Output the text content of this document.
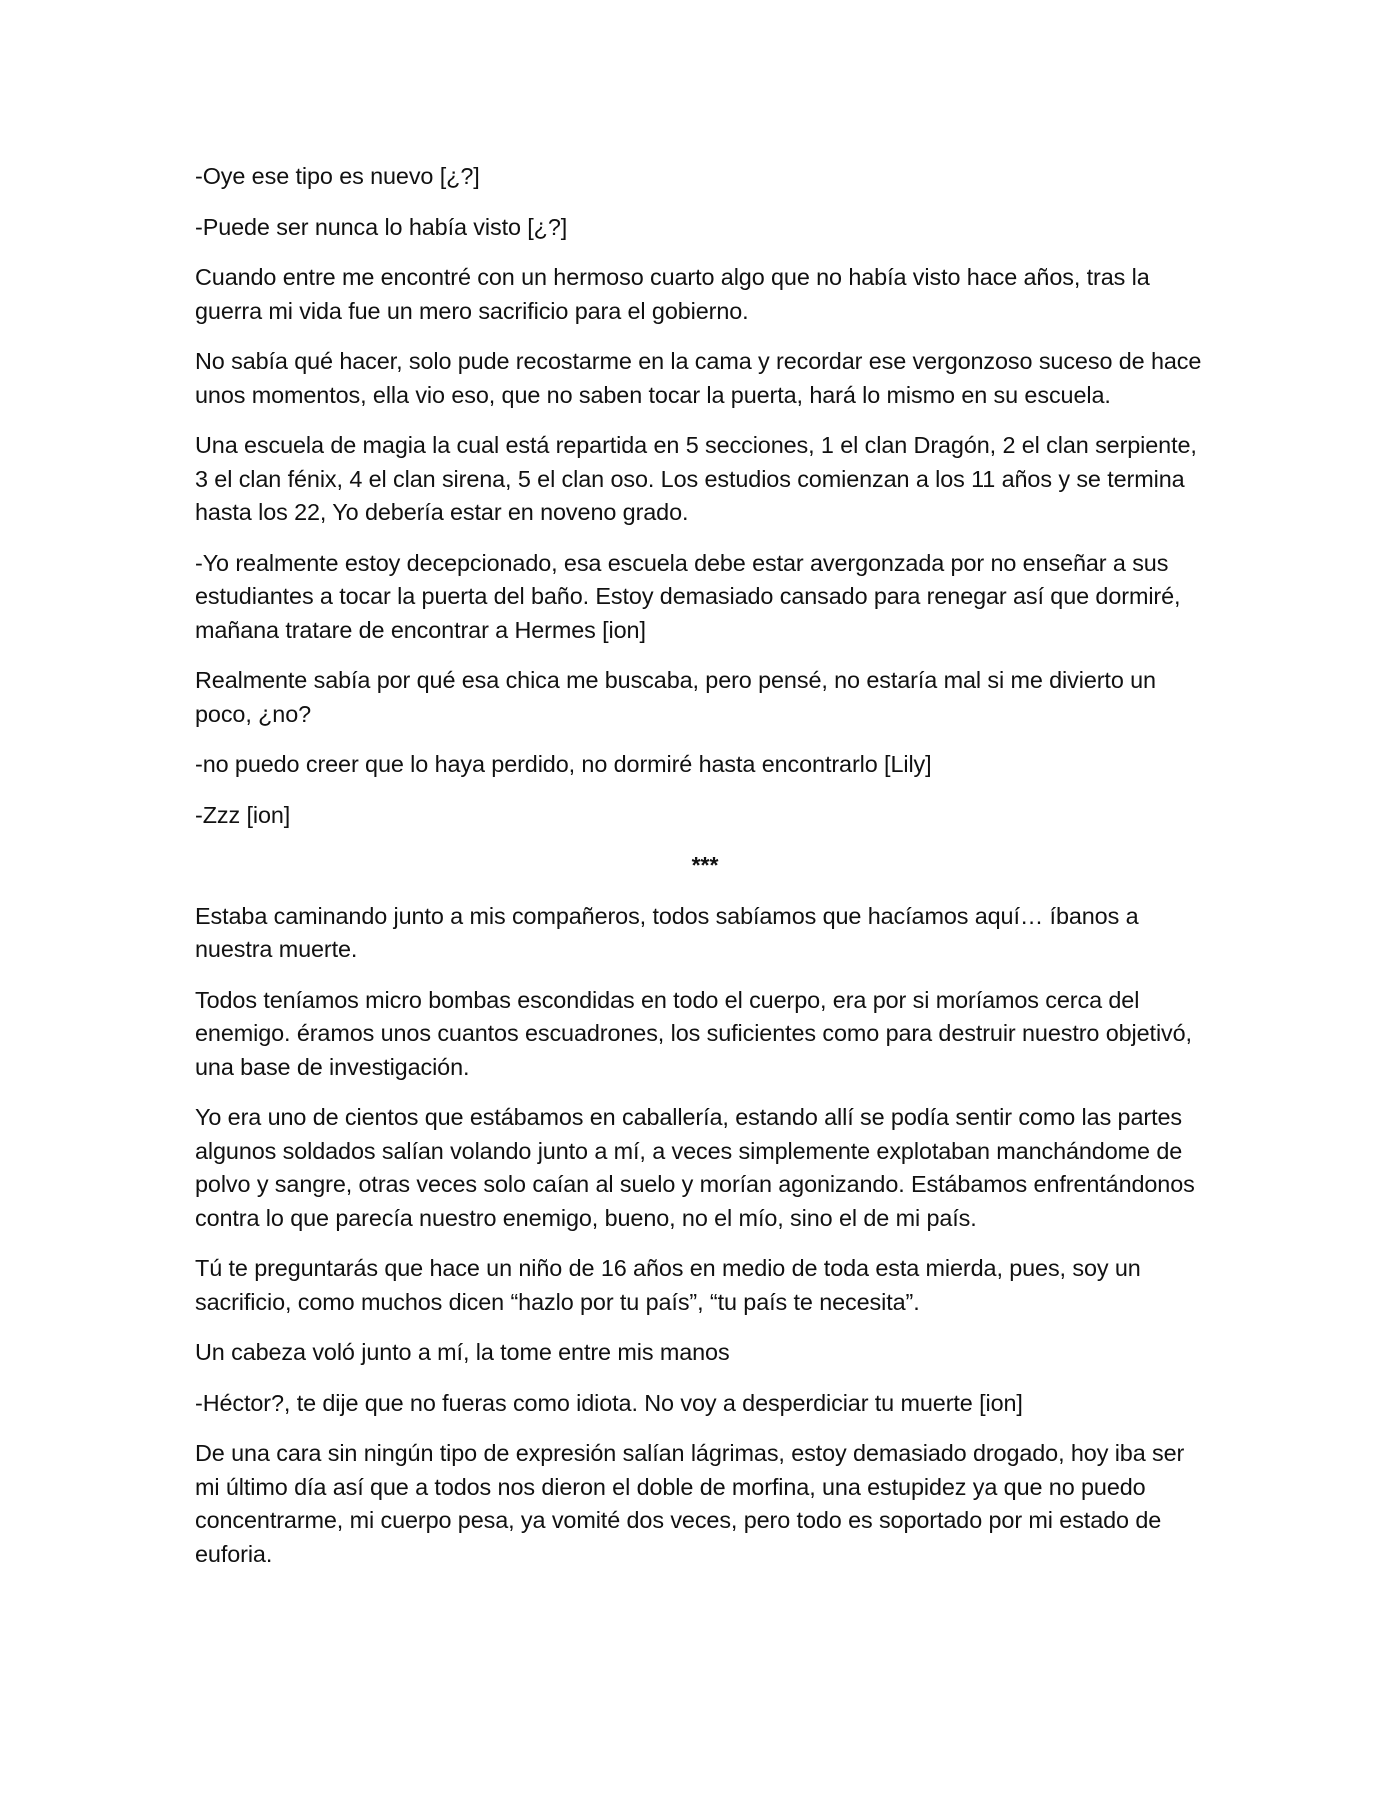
-Oye ese tipo es nuevo [¿?]

-Puede ser nunca lo había visto [¿?]

Cuando entre me encontré con un hermoso cuarto algo que no había visto hace años, tras la guerra mi vida fue un mero sacrificio para el gobierno.

No sabía qué hacer, solo pude recostarme en la cama y recordar ese vergonzoso suceso de hace unos momentos, ella vio eso, que no saben tocar la puerta, hará lo mismo en su escuela.

Una escuela de magia la cual está repartida en 5 secciones, 1 el clan Dragón, 2 el clan serpiente, 3 el clan fénix, 4 el clan sirena, 5 el clan oso. Los estudios comienzan a los 11 años y se termina hasta los 22, Yo debería estar en noveno grado.

-Yo realmente estoy decepcionado, esa escuela debe estar avergonzada por no enseñar a sus estudiantes a tocar la puerta del baño. Estoy demasiado cansado para renegar así que dormiré, mañana tratare de encontrar a Hermes [ion]

Realmente sabía por qué esa chica me buscaba, pero pensé, no estaría mal si me divierto un poco, ¿no?

-no puedo creer que lo haya perdido, no dormiré hasta encontrarlo [Lily]

-Zzz [ion]

***

Estaba caminando junto a mis compañeros, todos sabíamos que hacíamos aquí… íbanos a nuestra muerte.

Todos teníamos micro bombas escondidas en todo el cuerpo, era por si moríamos cerca del enemigo. éramos unos cuantos escuadrones, los suficientes como para destruir nuestro objetivó, una base de investigación.

Yo era uno de cientos que estábamos en caballería, estando allí se podía sentir como las partes algunos soldados salían volando junto a mí, a veces simplemente explotaban manchándome de polvo y sangre, otras veces solo caían al suelo y morían agonizando. Estábamos enfrentándonos contra lo que parecía nuestro enemigo, bueno, no el mío, sino el de mi país.

Tú te preguntarás que hace un niño de 16 años en medio de toda esta mierda, pues, soy un sacrificio, como muchos dicen “hazlo por tu país”, “tu país te necesita”.

Un cabeza voló junto a mí, la tome entre mis manos

-Héctor?, te dije que no fueras como idiota. No voy a desperdiciar tu muerte [ion]

De una cara sin ningún tipo de expresión salían lágrimas, estoy demasiado drogado, hoy iba ser mi último día así que a todos nos dieron el doble de morfina, una estupidez ya que no puedo concentrarme, mi cuerpo pesa, ya vomité dos veces, pero todo es soportado por mi estado de euforia.
